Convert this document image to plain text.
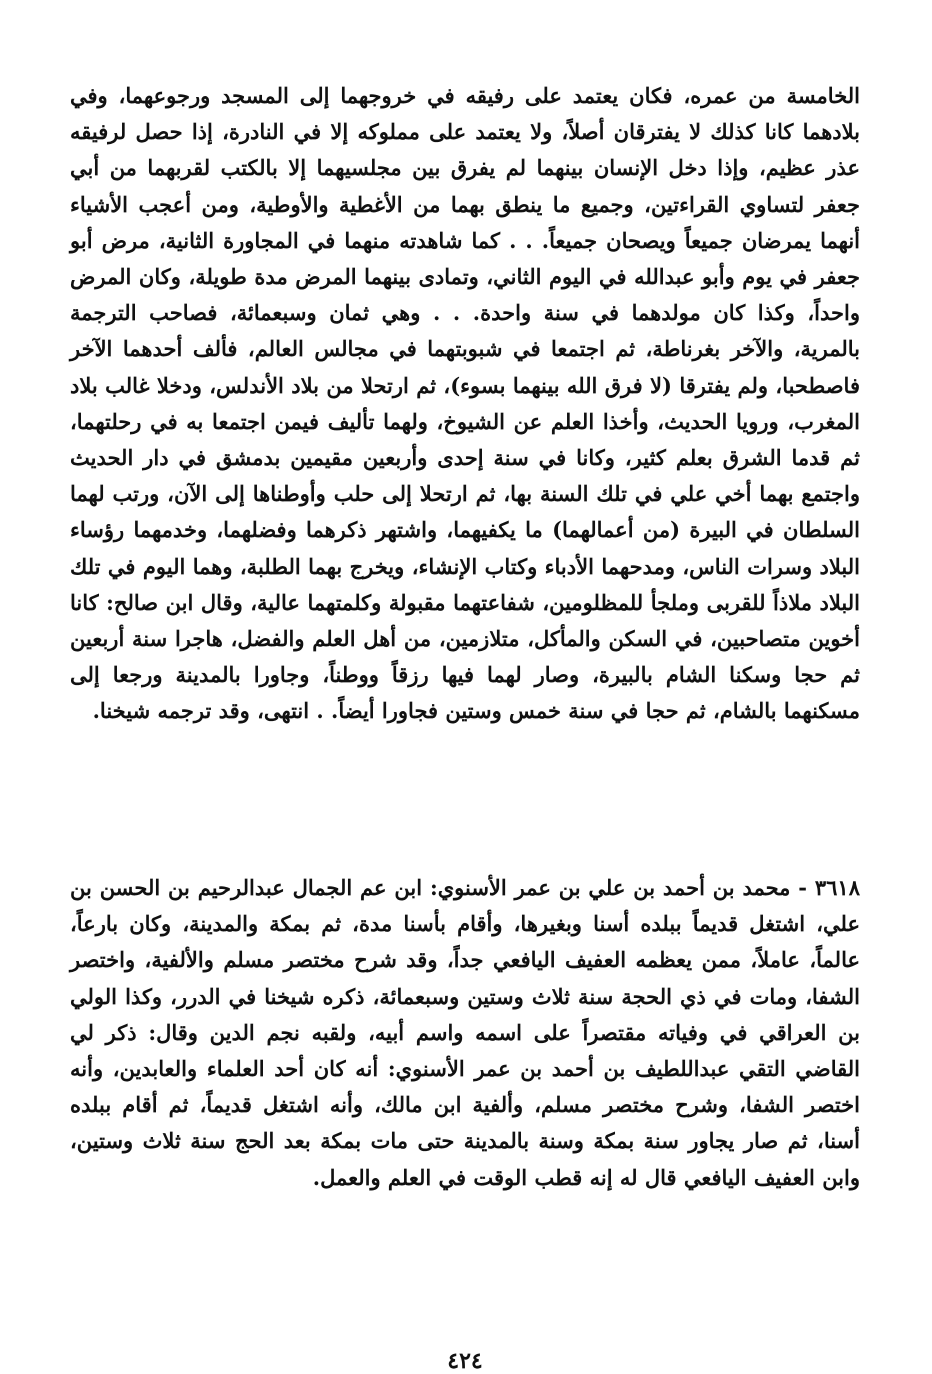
الخامسة من عمره، فكان يعتمد على رفيقه في خروجهما إلى المسجد ورجوعهما، وفي بلادهما كانا كذلك لا يفترقان أصلاً، ولا يعتمد على مملوكه إلا في النادرة، إذا حصل لرفيقه عذر عظيم، وإذا دخل الإنسان بينهما لم يفرق بين مجلسيهما إلا بالكتب لقربهما من أبي جعفر لتساوي القراءتين، وجميع ما ينطق بهما من الأغطية والأوطية، ومن أعجب الأشياء أنهما يمرضان جميعاً ويصحان جميعاً. . . كما شاهدته منهما في المجاورة الثانية، مرض أبو جعفر في يوم وأبو عبدالله في اليوم الثاني، وتمادى بينهما المرض مدة طويلة، وكان المرض واحداً، وكذا كان مولدهما في سنة واحدة. . . وهي ثمان وسبعمائة، فصاحب الترجمة بالمرية، والآخر بغرناطة، ثم اجتمعا في شبوبتهما في مجالس العالم، فألف أحدهما الآخر فاصطحبا، ولم يفترقا (لا فرق الله بينهما بسوء)، ثم ارتحلا من بلاد الأندلس، ودخلا غالب بلاد المغرب، ورويا الحديث، وأخذا العلم عن الشيوخ، ولهما تأليف فيمن اجتمعا به في رحلتهما، ثم قدما الشرق بعلم كثير، وكانا في سنة إحدى وأربعين مقيمين بدمشق في دار الحديث واجتمع بهما أخي علي في تلك السنة بها، ثم ارتحلا إلى حلب وأوطناها إلى الآن، ورتب لهما السلطان في البيرة (من أعمالهما) ما يكفيهما، واشتهر ذكرهما وفضلهما، وخدمهما رؤساء البلاد وسرات الناس، ومدحهما الأدباء وكتاب الإنشاء، ويخرج بهما الطلبة، وهما اليوم في تلك البلاد ملاذاً للقربى وملجأ للمظلومين، شفاعتهما مقبولة وكلمتهما عالية، وقال ابن صالح: كانا أخوين متصاحبين، في السكن والمأكل، متلازمين، من أهل العلم والفضل، هاجرا سنة أربعين ثم حجا وسكنا الشام بالبيرة، وصار لهما فيها رزقاً ووطناً، وجاورا بالمدينة ورجعا إلى مسكنهما بالشام، ثم حجا في سنة خمس وستين فجاورا أيضاً. . انتهى، وقد ترجمه شيخنا.

٣٦١٨ - محمد بن أحمد بن علي بن عمر الأسنوي: ابن عم الجمال عبدالرحيم بن الحسن بن علي، اشتغل قديماً ببلده أسنا وبغيرها، وأقام بأسنا مدة، ثم بمكة والمدينة، وكان بارعاً، عالماً، عاملاً، ممن يعظمه العفيف اليافعي جداً، وقد شرح مختصر مسلم والألفية، واختصر الشفا، ومات في ذي الحجة سنة ثلاث وستين وسبعمائة، ذكره شيخنا في الدرر، وكذا الولي بن العراقي في وفياته مقتصراً على اسمه واسم أبيه، ولقبه نجم الدين وقال: ذكر لي القاضي التقي عبداللطيف بن أحمد بن عمر الأسنوي: أنه كان أحد العلماء والعابدين، وأنه اختصر الشفا، وشرح مختصر مسلم، وألفية ابن مالك، وأنه اشتغل قديماً، ثم أقام ببلده أسنا، ثم صار يجاور سنة بمكة وسنة بالمدينة حتى مات بمكة بعد الحج سنة ثلاث وستين، وابن العفيف اليافعي قال له إنه قطب الوقت في العلم والعمل.

٤٢٤
